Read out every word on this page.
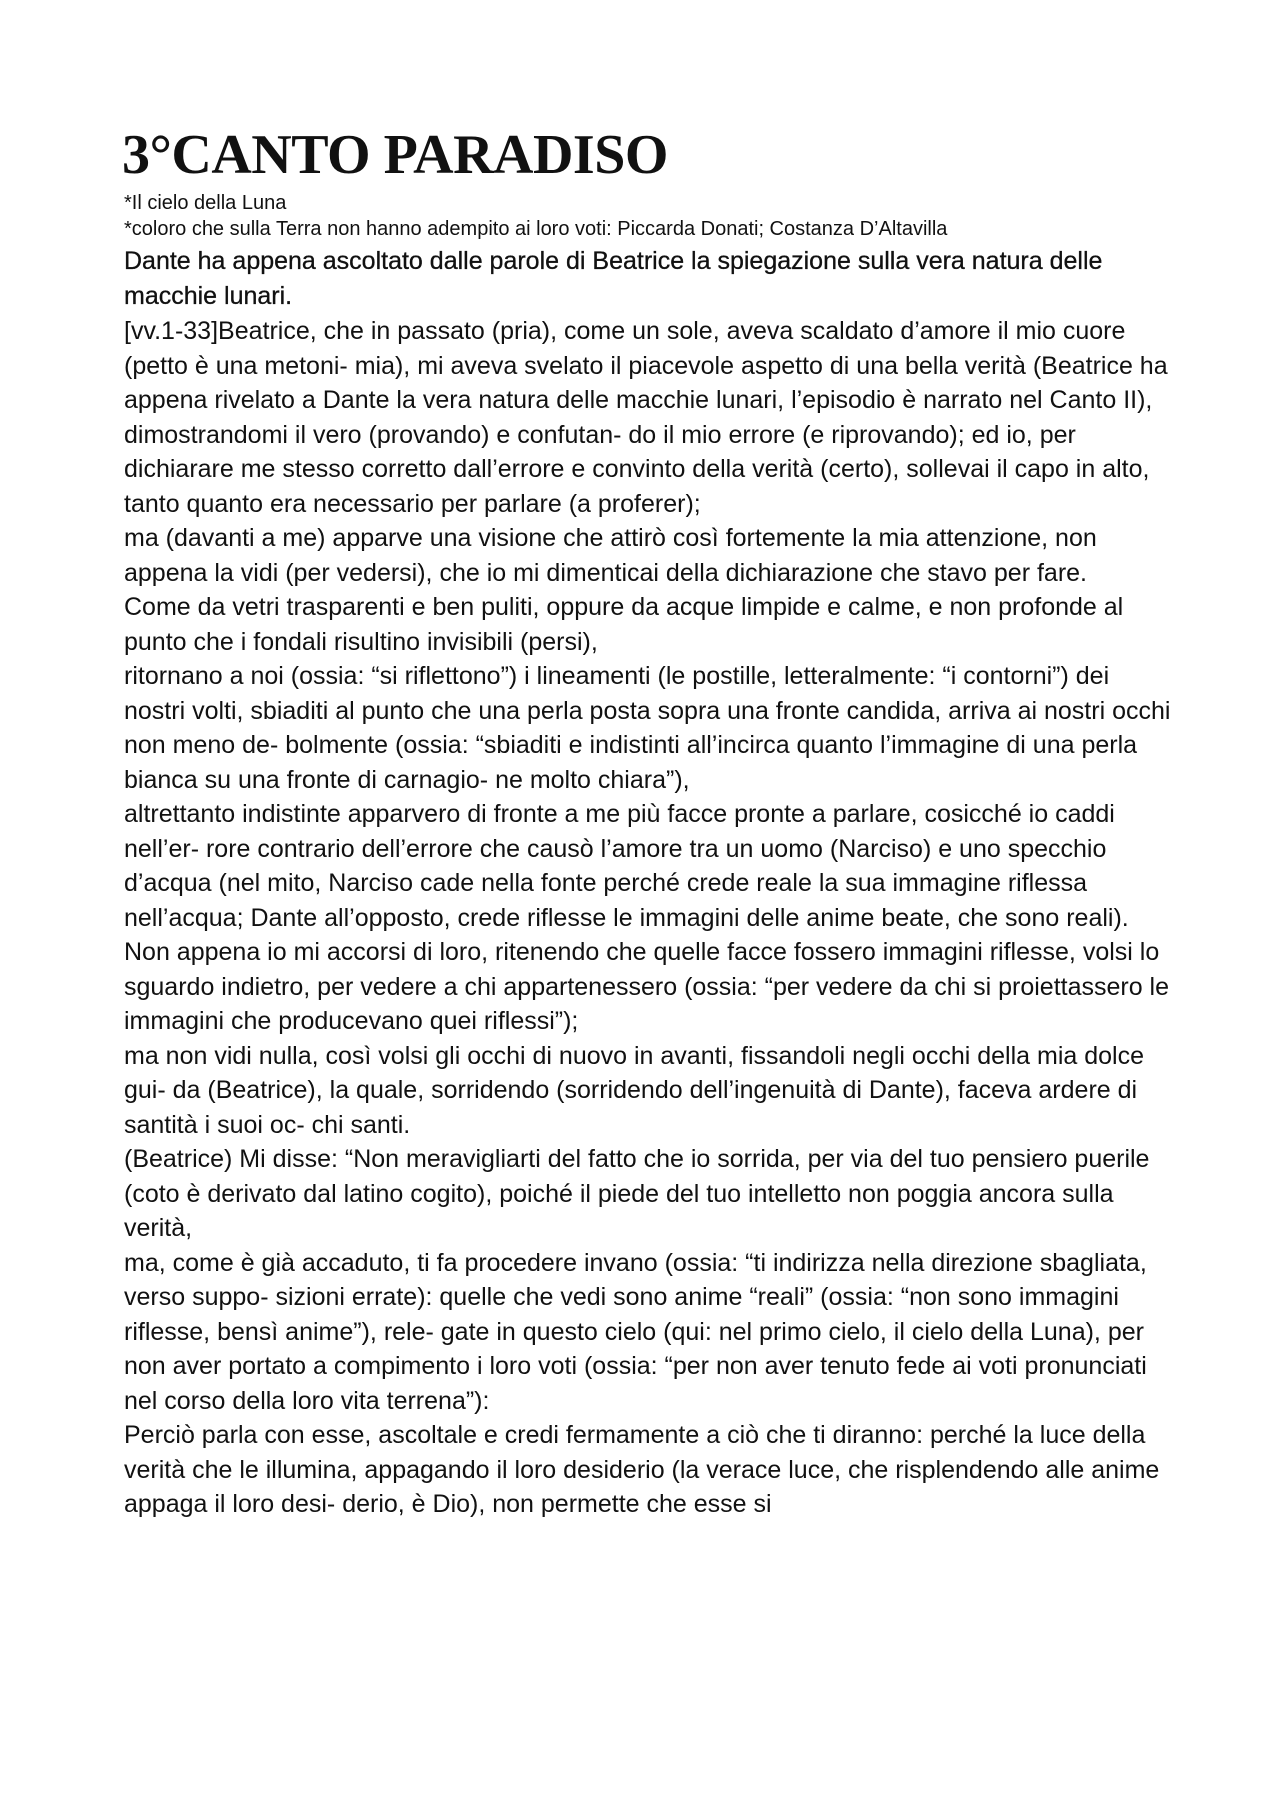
3°CANTO PARADISO

*Il cielo della Luna

*coloro che sulla Terra non hanno adempito ai loro voti: Piccarda Donati; Costanza D’Altavilla

Dante ha appena ascoltato dalle parole di Beatrice la spiegazione sulla vera natura delle macchie lunari.

[vv.1-33]Beatrice, che in passato (pria), come un sole, aveva scaldato d’amore il mio cuore (petto è una metoni- mia), mi aveva svelato il piacevole aspetto di una bella verità (Beatrice ha appena rivelato a Dante la vera natura delle macchie lunari, l’episodio è narrato nel Canto II), dimostrandomi il vero (provando) e confutan- do il mio errore (e riprovando); ed io, per dichiarare me stesso corretto dall’errore e convinto della verità (certo), sollevai il capo in alto, tanto quanto era necessario per parlare (a proferer);

ma (davanti a me) apparve una visione che attirò così fortemente la mia attenzione, non appena la vidi (per vedersi), che io mi dimenticai della dichiarazione che stavo per fare.

Come da vetri trasparenti e ben puliti, oppure da acque limpide e calme, e non profonde al punto che i fondali risultino invisibili (persi),

ritornano a noi (ossia: “si riflettono”) i lineamenti (le postille, letteralmente: “i contorni”) dei nostri volti, sbiaditi al punto che una perla posta sopra una fronte candida, arriva ai nostri occhi non meno de- bolmente (ossia: “sbiaditi e indistinti all’incirca quanto l’immagine di una perla bianca su una fronte di carnagio- ne molto chiara”),

altrettanto indistinte apparvero di fronte a me più facce pronte a parlare, cosicché io caddi nell’er- rore contrario dell’errore che causò l’amore tra un uomo (Narciso) e uno specchio d’acqua (nel mito, Narciso cade nella fonte perché crede reale la sua immagine riflessa nell’acqua; Dante all’opposto, crede riflesse le immagini delle anime beate, che sono reali).

Non appena io mi accorsi di loro, ritenendo che quelle facce fossero immagini riflesse, volsi lo sguardo indietro, per vedere a chi appartenessero (ossia: “per vedere da chi si proiettassero le immagini che producevano quei riflessi”);

ma non vidi nulla, così volsi gli occhi di nuovo in avanti, fissandoli negli occhi della mia dolce gui- da (Beatrice), la quale, sorridendo (sorridendo dell’ingenuità di Dante), faceva ardere di santità i suoi oc- chi santi.

(Beatrice) Mi disse: “Non meravigliarti del fatto che io sorrida, per via del tuo pensiero puerile (coto è derivato dal latino cogito), poiché il piede del tuo intelletto non poggia ancora sulla verità,

ma, come è già accaduto, ti fa procedere invano (ossia: “ti indirizza nella direzione sbagliata, verso suppo- sizioni errate): quelle che vedi sono anime “reali” (ossia: “non sono immagini riflesse, bensì anime”), rele- gate in questo cielo (qui: nel primo cielo, il cielo della Luna), per non aver portato a compimento i loro voti (ossia: “per non aver tenuto fede ai voti pronunciati nel corso della loro vita terrena”):

Perciò parla con esse, ascoltale e credi fermamente a ciò che ti diranno: perché la luce della verità che le illumina, appagando il loro desiderio (la verace luce, che risplendendo alle anime appaga il loro desi- derio, è Dio), non permette che esse si
